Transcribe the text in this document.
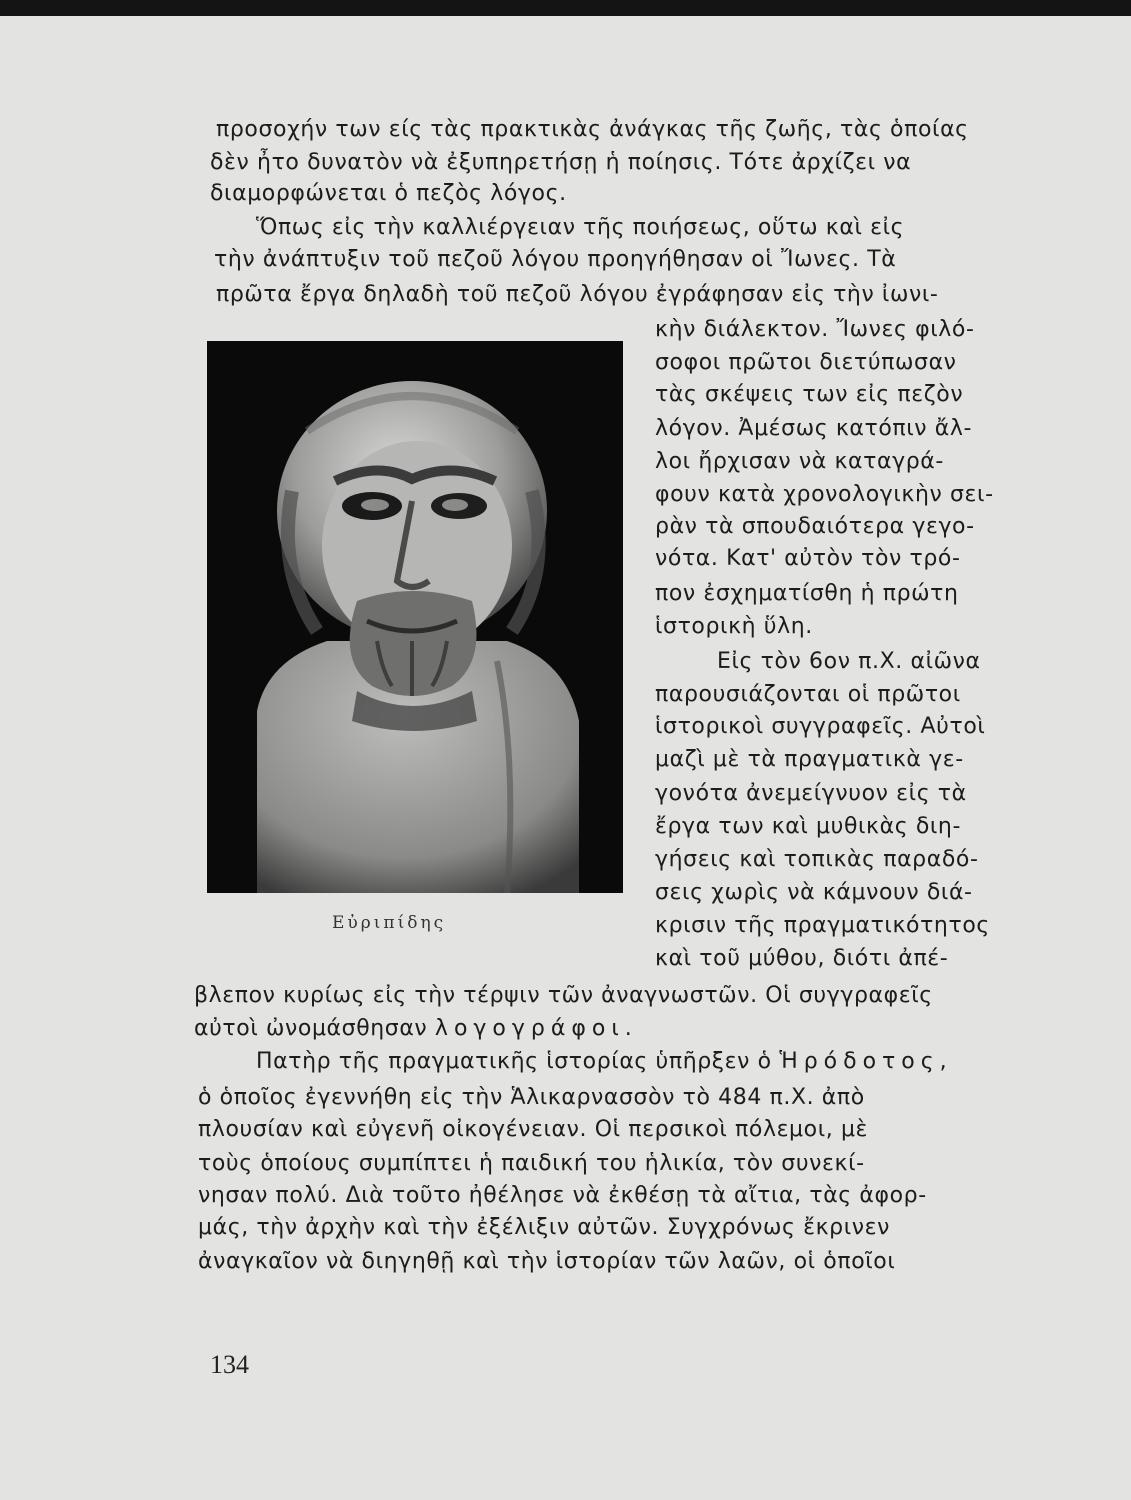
προσοχήν των είς τὰς πρακτικὰς ἀνάγκας τῆς ζωῆς, τὰς ὁποίας

δὲν ἦτο δυνατὸν νὰ ἐξυπηρετήσῃ ἡ ποίησις. Τότε ἀρχίζει να

διαμορφώνεται ὁ πεζὸς λόγος.

Ὅπως εἰς τὴν καλλιέργειαν τῆς ποιήσεως, οὕτω καὶ εἰς

τὴν ἀνάπτυξιν τοῦ πεζοῦ λόγου προηγήθησαν οἱ Ἴωνες. Τὰ

πρῶτα ἔργα δηλαδὴ τοῦ πεζοῦ λόγου ἐγράφησαν εἰς τὴν ἰωνι-

κὴν διάλεκτον. Ἴωνες φιλό-

σοφοι πρῶτοι διετύπωσαν

τὰς σκέψεις των εἰς πεζὸν

λόγον. Ἀμέσως κατόπιν ἄλ-

λοι ἤρχισαν νὰ καταγρά-

φουν κατὰ χρονολογικὴν σει-

ρὰν τὰ σπουδαιότερα γεγο-

νότα. Κατ' αὐτὸν τὸν τρό-

πον ἐσχηματίσθη ἡ πρώτη

ἱστορικὴ ὕλη.

Εἰς τὸν 6ον π.Χ. αἰῶνα

παρουσιάζονται οἱ πρῶτοι

ἱστορικοὶ συγγραφεῖς. Αὐτοὶ

μαζὶ μὲ τὰ πραγματικὰ γε-

γονότα ἀνεμείγνυον εἰς τὰ

ἔργα των καὶ μυθικὰς διη-

γήσεις καὶ τοπικὰς παραδό-

σεις χωρὶς νὰ κάμνουν διά-

κρισιν τῆς πραγματικότητος

καὶ τοῦ μύθου, διότι ἀπέ-

βλεπον κυρίως εἰς τὴν τέρψιν τῶν ἀναγνωστῶν. Οἱ συγγραφεῖς

αὐτοὶ ὠνομάσθησαν λογογράφοι.

Πατὴρ τῆς πραγματικῆς ἱστορίας ὑπῆρξεν ὁ Ἡρόδοτος,

ὁ ὁποῖος ἐγεννήθη εἰς τὴν Ἁλικαρνασσὸν τὸ 484 π.Χ. ἀπὸ

πλουσίαν καὶ εὐγενῆ οἰκογένειαν. Οἱ περσικοὶ πόλεμοι, μὲ

τοὺς ὁποίους συμπίπτει ἡ παιδική του ἡλικία, τὸν συνεκί-

νησαν πολύ. Διὰ τοῦτο ἠθέλησε νὰ ἐκθέσῃ τὰ αἴτια, τὰς ἀφορ-

μάς, τὴν ἀρχὴν καὶ τὴν ἐξέλιξιν αὐτῶν. Συγχρόνως ἔκρινεν

ἀναγκαῖον νὰ διηγηθῇ καὶ τὴν ἱστορίαν τῶν λαῶν, οἱ ὁποῖοι

Εὐριπίδης
134
